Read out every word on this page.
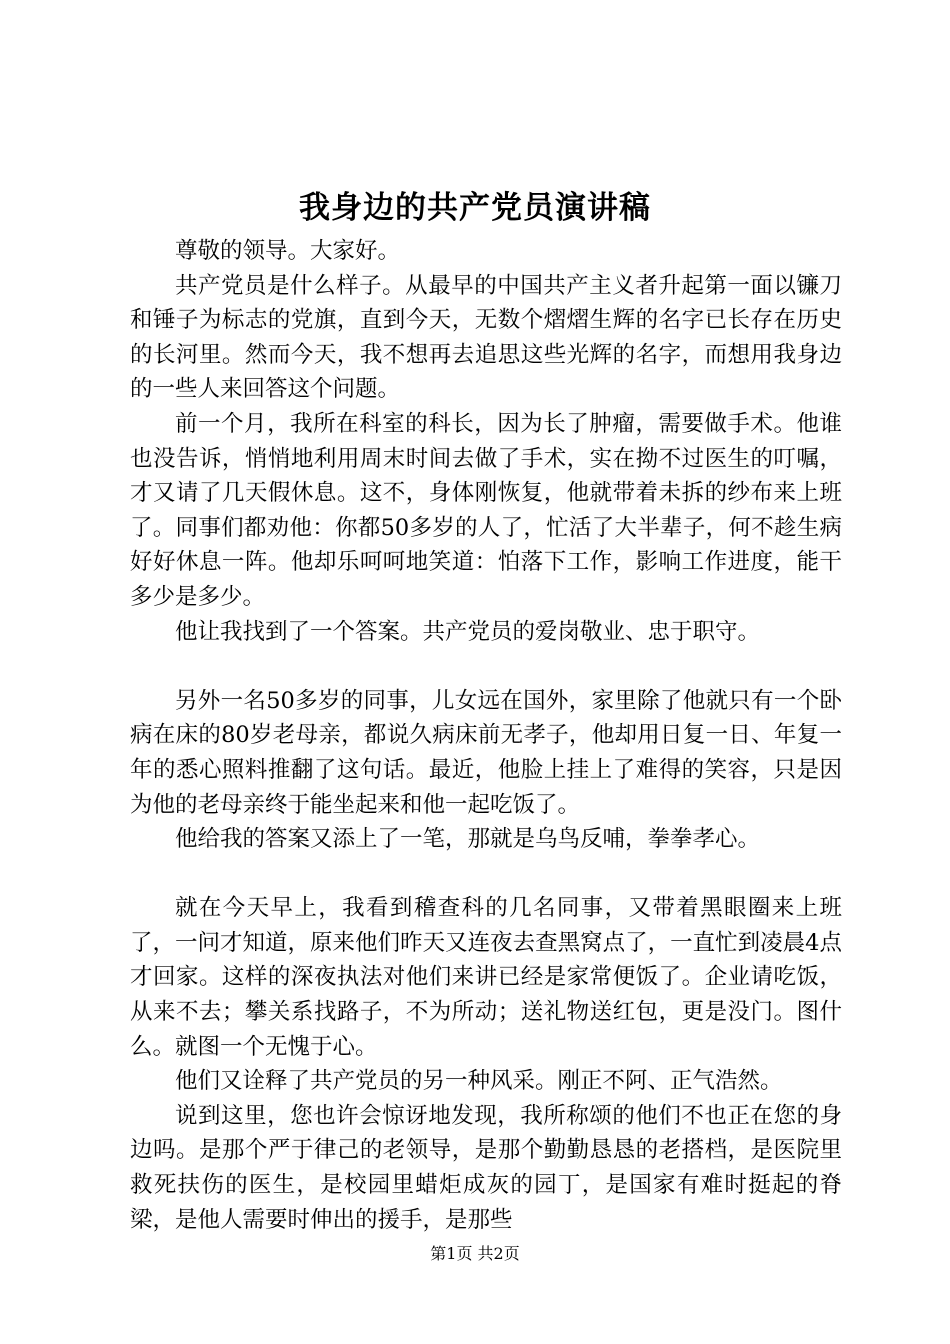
我身边的共产党员演讲稿

尊敬的领导。大家好。

共产党员是什么样子。从最早的中国共产主义者升起第一面以镰刀和锤子为标志的党旗，直到今天，无数个熠熠生辉的名字已长存在历史的长河里。然而今天，我不想再去追思这些光辉的名字，而想用我身边的一些人来回答这个问题。

前一个月，我所在科室的科长，因为长了肿瘤，需要做手术。他谁也没告诉，悄悄地利用周末时间去做了手术，实在拗不过医生的叮嘱，才又请了几天假休息。这不，身体刚恢复，他就带着未拆的纱布来上班了。同事们都劝他：你都50多岁的人了，忙活了大半辈子，何不趁生病好好休息一阵。他却乐呵呵地笑道：怕落下工作，影响工作进度，能干多少是多少。

他让我找到了一个答案。共产党员的爱岗敬业、忠于职守。

另外一名50多岁的同事，儿女远在国外，家里除了他就只有一个卧病在床的80岁老母亲，都说久病床前无孝子，他却用日复一日、年复一年的悉心照料推翻了这句话。最近，他脸上挂上了难得的笑容，只是因为他的老母亲终于能坐起来和他一起吃饭了。

他给我的答案又添上了一笔，那就是乌鸟反哺，拳拳孝心。

就在今天早上，我看到稽查科的几名同事，又带着黑眼圈来上班了，一问才知道，原来他们昨天又连夜去查黑窝点了，一直忙到凌晨4点才回家。这样的深夜执法对他们来讲已经是家常便饭了。企业请吃饭，从来不去；攀关系找路子，不为所动；送礼物送红包，更是没门。图什么。就图一个无愧于心。

他们又诠释了共产党员的另一种风采。刚正不阿、正气浩然。

说到这里，您也许会惊讶地发现，我所称颂的他们不也正在您的身边吗。是那个严于律己的老领导，是那个勤勤恳恳的老搭档，是医院里救死扶伤的医生，是校园里蜡炬成灰的园丁，是国家有难时挺起的脊梁，是他人需要时伸出的援手，是那些

第1页 共2页
